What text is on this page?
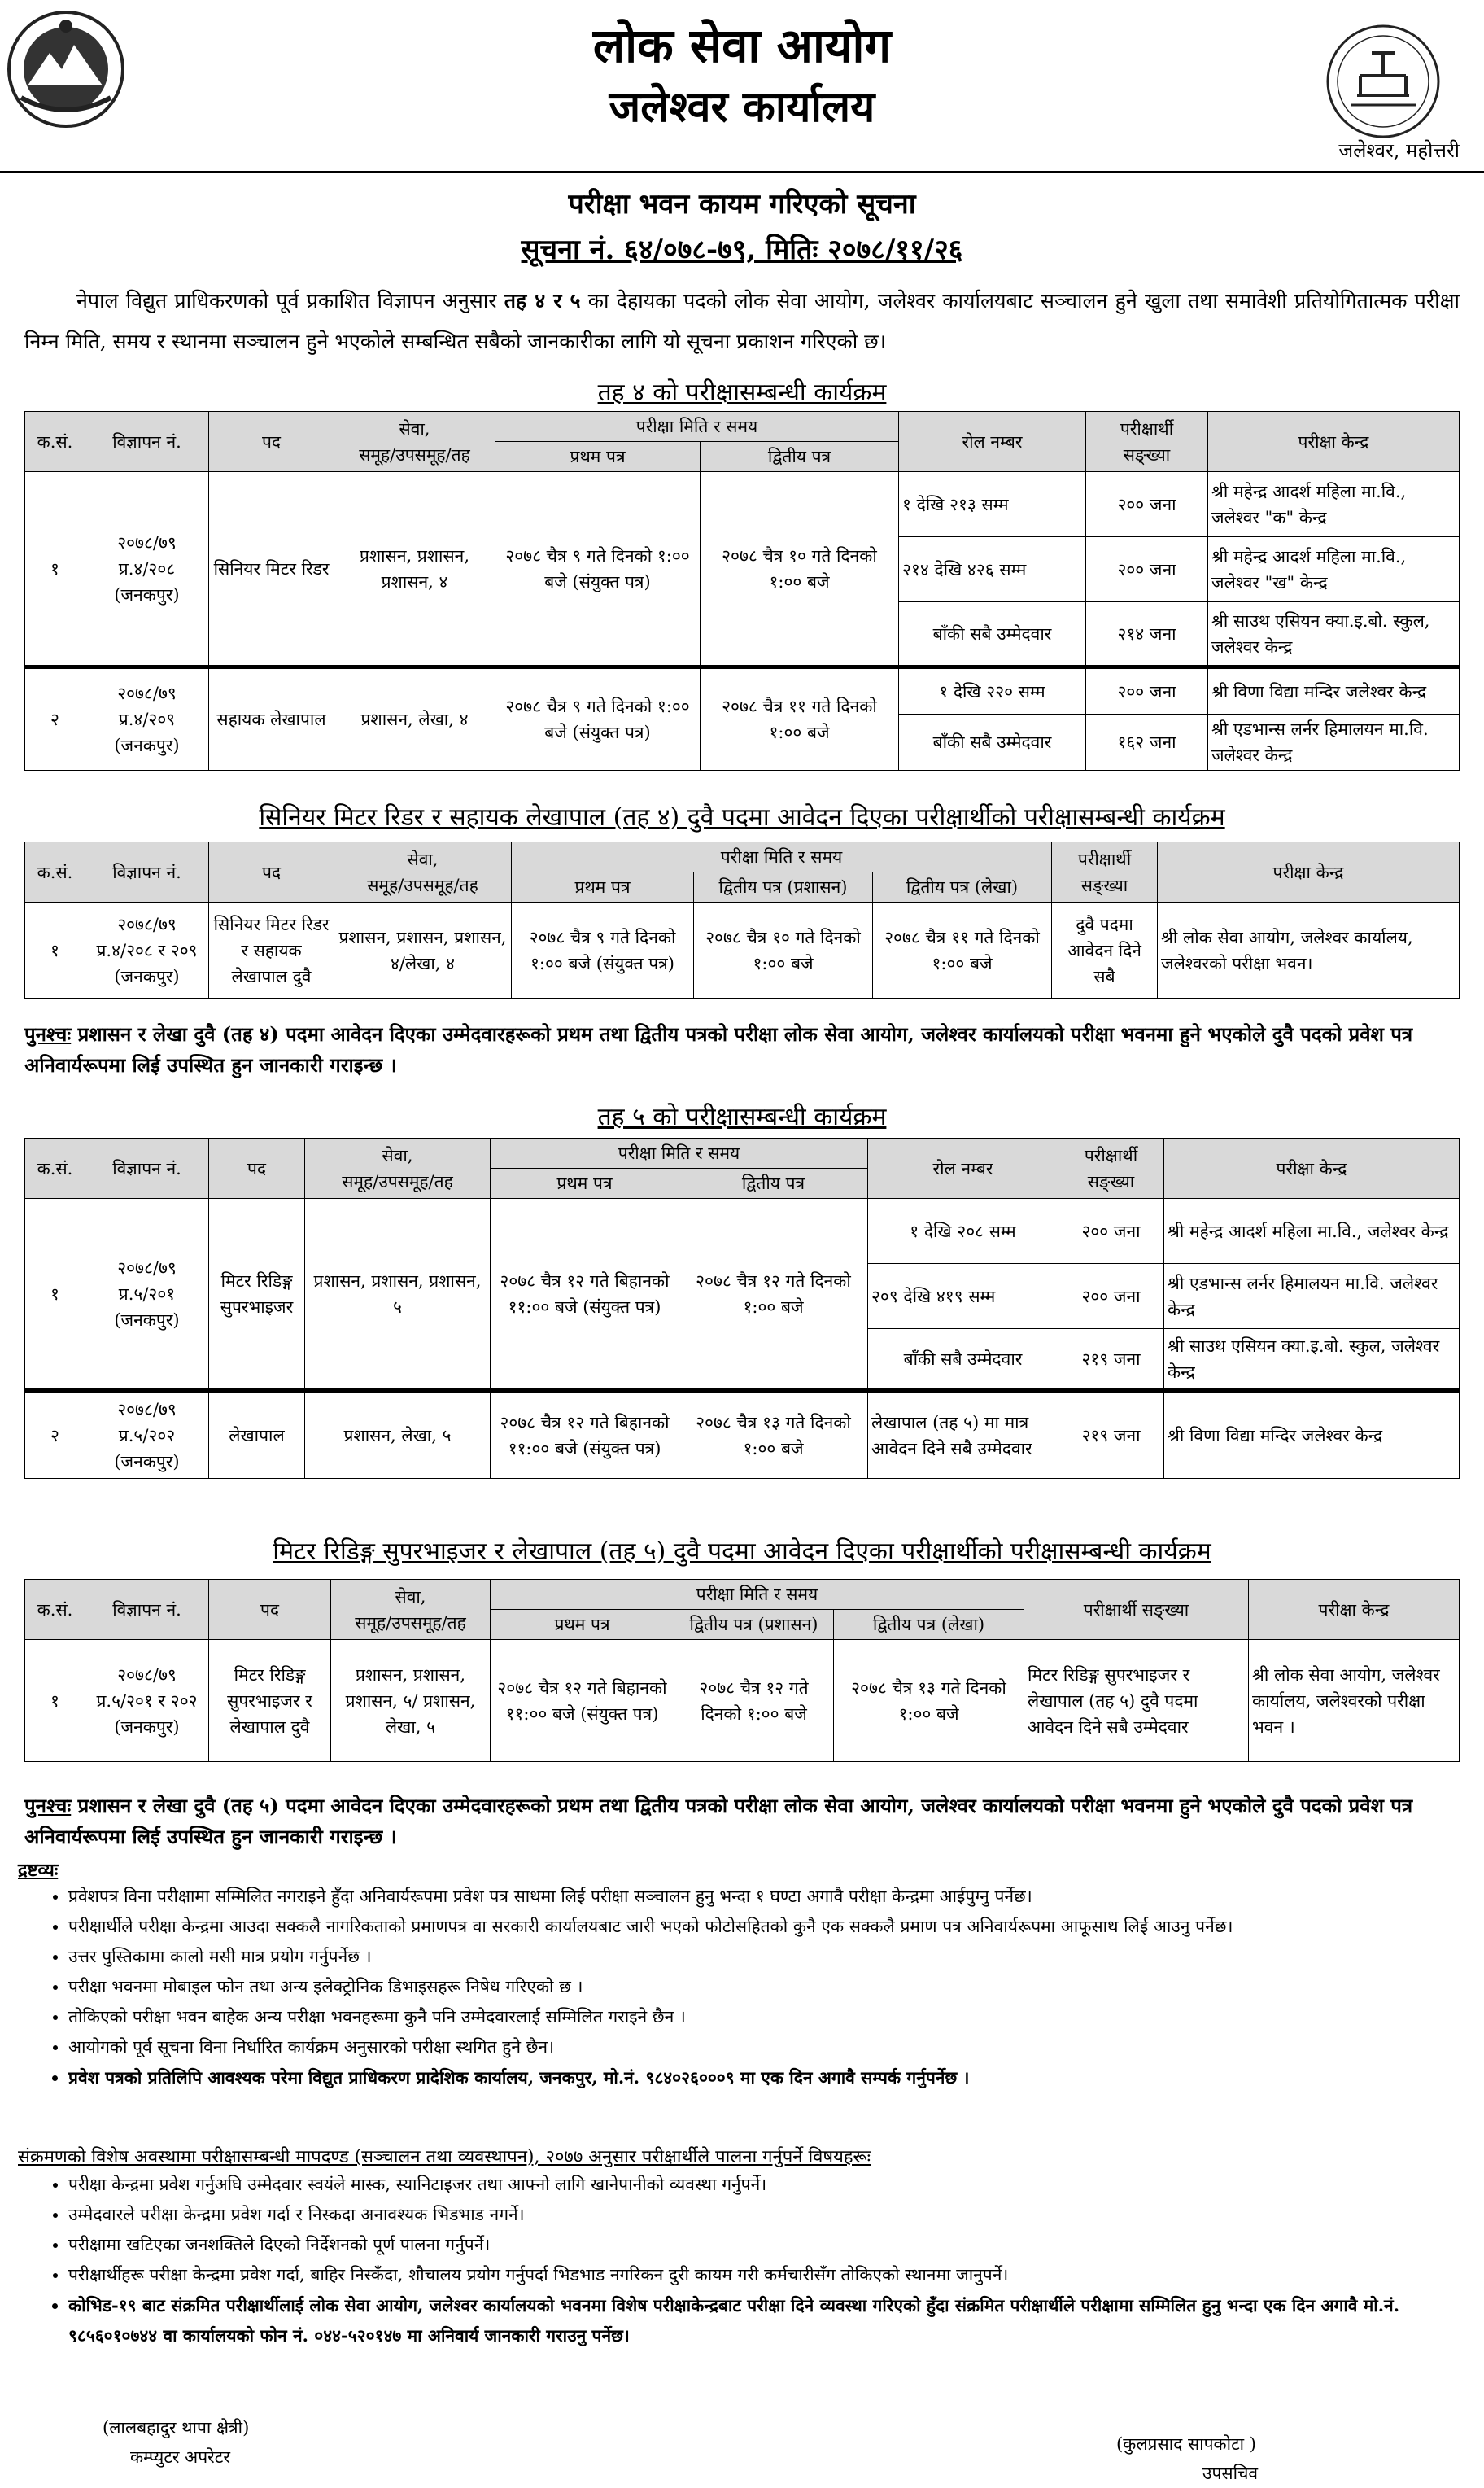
लोक सेवा आयोग
जलेश्वर कार्यालय
जलेश्वर, महोत्तरी
परीक्षा भवन कायम गरिएको सूचना
सूचना नं. ६४/०७८-७९, मितिः २०७८/११/२६
नेपाल विद्युत प्राधिकरणको पूर्व प्रकाशित विज्ञापन अनुसार तह ४ र ५ का देहायका पदको लोक सेवा आयोग, जलेश्वर कार्यालयबाट सञ्चालन हुने खुला तथा समावेशी प्रतियोगितात्मक परीक्षा निम्न मिति, समय र स्थानमा सञ्चालन हुने भएकोले सम्बन्धित सबैको जानकारीका लागि यो सूचना प्रकाशन गरिएको छ।
तह ४ को परीक्षासम्बन्धी कार्यक्रम
क.सं.	विज्ञापन नं.	पद	सेवा,
समूह/उपसमूह/तह	परीक्षा मिति र समय		रोल नम्बर	परीक्षार्थी
सङ्ख्या	परीक्षा केन्द्र
				प्रथम पत्र	द्वितीय पत्र			
१	२०७८/७९ प्र.४/२०८ (जनकपुर)	सिनियर मिटर रिडर	प्रशासन, प्रशासन, प्रशासन, ४	२०७८ चैत्र ९ गते दिनको १:०० बजे (संयुक्त पत्र)	२०७८ चैत्र १० गते दिनको १:०० बजे	१ देखि २१३ सम्म	२०० जना	श्री महेन्द्र आदर्श महिला मा.वि., जलेश्वर "क" केन्द्र
						२१४ देखि ४२६ सम्म	२०० जना	श्री महेन्द्र आदर्श महिला मा.वि., जलेश्वर "ख" केन्द्र
						बाँकी सबै उम्मेदवार	२१४ जना	श्री साउथ एसियन क्या.इ.बो. स्कुल, जलेश्वर केन्द्र
२	२०७८/७९ प्र.४/२०९ (जनकपुर)	सहायक लेखापाल	प्रशासन, लेखा, ४	२०७८ चैत्र ९ गते दिनको १:०० बजे (संयुक्त पत्र)	२०७८ चैत्र ११ गते दिनको १:०० बजे	१ देखि २२० सम्म	२०० जना	श्री विणा विद्या मन्दिर जलेश्वर केन्द्र
						बाँकी सबै उम्मेदवार	१६२ जना	श्री एडभान्स लर्नर हिमालयन मा.वि. जलेश्वर केन्द्र
सिनियर मिटर रिडर र सहायक लेखापाल (तह ४) दुवै पदमा आवेदन दिएका परीक्षार्थीको परीक्षासम्बन्धी कार्यक्रम
क.सं.	विज्ञापन नं.	पद	सेवा,
समूह/उपसमूह/तह	परीक्षा मिति र समय			परीक्षार्थी
सङ्ख्या	परीक्षा केन्द्र
				प्रथम पत्र	द्वितीय पत्र (प्रशासन)	द्वितीय पत्र (लेखा)		
१	२०७८/७९ प्र.४/२०८ र २०९ (जनकपुर)	सिनियर मिटर रिडर र सहायक लेखापाल दुवै	प्रशासन, प्रशासन, प्रशासन, ४/लेखा, ४	२०७८ चैत्र ९ गते दिनको १:०० बजे (संयुक्त पत्र)	२०७८ चैत्र १० गते दिनको १:०० बजे	२०७८ चैत्र ११ गते दिनको १:०० बजे	दुवै पदमा आवेदन दिने सबै	श्री लोक सेवा आयोग, जलेश्वर कार्यालय, जलेश्वरको परीक्षा भवन।
पुनश्चः प्रशासन र लेखा दुवै (तह ४) पदमा आवेदन दिएका उम्मेदवारहरूको प्रथम तथा द्वितीय पत्रको परीक्षा लोक सेवा आयोग, जलेश्वर कार्यालयको परीक्षा भवनमा हुने भएकोले दुवै पदको प्रवेश पत्र अनिवार्यरूपमा लिई उपस्थित हुन जानकारी गराइन्छ ।
तह ५ को परीक्षासम्बन्धी कार्यक्रम
क.सं.	विज्ञापन नं.	पद	सेवा,
समूह/उपसमूह/तह	परीक्षा मिति र समय		रोल नम्बर	परीक्षार्थी
सङ्ख्या	परीक्षा केन्द्र
				प्रथम पत्र	द्वितीय पत्र			
१	२०७८/७९ प्र.५/२०१ (जनकपुर)	मिटर रिडिङ्ग सुपरभाइजर	प्रशासन, प्रशासन, प्रशासन, ५	२०७८ चैत्र १२ गते बिहानको ११:०० बजे (संयुक्त पत्र)	२०७८ चैत्र १२ गते दिनको १:०० बजे	१ देखि २०८ सम्म	२०० जना	श्री महेन्द्र आदर्श महिला मा.वि., जलेश्वर केन्द्र
						२०९ देखि ४१९ सम्म	२०० जना	श्री एडभान्स लर्नर हिमालयन मा.वि. जलेश्वर केन्द्र
						बाँकी सबै उम्मेदवार	२१९ जना	श्री साउथ एसियन क्या.इ.बो. स्कुल, जलेश्वर केन्द्र
२	२०७८/७९ प्र.५/२०२ (जनकपुर)	लेखापाल	प्रशासन, लेखा, ५	२०७८ चैत्र १२ गते बिहानको ११:०० बजे (संयुक्त पत्र)	२०७८ चैत्र १३ गते दिनको १:०० बजे	लेखापाल (तह ५) मा मात्र आवेदन दिने सबै उम्मेदवार	२१९ जना	श्री विणा विद्या मन्दिर जलेश्वर केन्द्र
मिटर रिडिङ्ग सुपरभाइजर र लेखापाल (तह ५) दुवै पदमा आवेदन दिएका परीक्षार्थीको परीक्षासम्बन्धी कार्यक्रम
क.सं.	विज्ञापन नं.	पद	सेवा,
समूह/उपसमूह/तह	परीक्षा मिति र समय			परीक्षार्थी सङ्ख्या	परीक्षा केन्द्र
				प्रथम पत्र	द्वितीय पत्र (प्रशासन)	द्वितीय पत्र (लेखा)		
१	२०७८/७९ प्र.५/२०१ र २०२ (जनकपुर)	मिटर रिडिङ्ग सुपरभाइजर र लेखापाल दुवै	प्रशासन, प्रशासन, प्रशासन, ५/ प्रशासन, लेखा, ५	२०७८ चैत्र १२ गते बिहानको ११:०० बजे (संयुक्त पत्र)	२०७८ चैत्र १२ गते दिनको १:०० बजे	२०७८ चैत्र १३ गते दिनको १:०० बजे	मिटर रिडिङ्ग सुपरभाइजर र लेखापाल (तह ५) दुवै पदमा आवेदन दिने सबै उम्मेदवार	श्री लोक सेवा आयोग, जलेश्वर कार्यालय, जलेश्वरको परीक्षा भवन ।
पुनश्चः प्रशासन र लेखा दुवै (तह ५) पदमा आवेदन दिएका उम्मेदवारहरूको प्रथम तथा द्वितीय पत्रको परीक्षा लोक सेवा आयोग, जलेश्वर कार्यालयको परीक्षा भवनमा हुने भएकोले दुवै पदको प्रवेश पत्र अनिवार्यरूपमा लिई उपस्थित हुन जानकारी गराइन्छ ।
द्रष्टव्यः
• प्रवेशपत्र विना परीक्षामा सम्मिलित नगराइने हुँदा अनिवार्यरूपमा प्रवेश पत्र साथमा लिई परीक्षा सञ्चालन हुनु भन्दा १ घण्टा अगावै परीक्षा केन्द्रमा आईपुग्नु पर्नेछ।
• परीक्षार्थीले परीक्षा केन्द्रमा आउदा सक्कलै नागरिकताको प्रमाणपत्र वा सरकारी कार्यालयबाट जारी भएको फोटोसहितको कुनै एक सक्कलै प्रमाण पत्र अनिवार्यरूपमा आफूसाथ लिई आउनु पर्नेछ।
• उत्तर पुस्तिकामा कालो मसी मात्र प्रयोग गर्नुपर्नेछ ।
• परीक्षा भवनमा मोबाइल फोन तथा अन्य इलेक्ट्रोनिक डिभाइसहरू निषेध गरिएको छ ।
• तोकिएको परीक्षा भवन बाहेक अन्य परीक्षा भवनहरूमा कुनै पनि उम्मेदवारलाई सम्मिलित गराइने छैन ।
• आयोगको पूर्व सूचना विना निर्धारित कार्यक्रम अनुसारको परीक्षा स्थगित हुने छैन।
• प्रवेश पत्रको प्रतिलिपि आवश्यक परेमा विद्युत प्राधिकरण प्रादेशिक कार्यालय, जनकपुर, मो.नं. ९८४०२६०००९ मा एक दिन अगावै सम्पर्क गर्नुपर्नेछ ।
संक्रमणको विशेष अवस्थामा परीक्षासम्बन्धी मापदण्ड (सञ्चालन तथा व्यवस्थापन), २०७७ अनुसार परीक्षार्थीले पालना गर्नुपर्ने विषयहरूः
• परीक्षा केन्द्रमा प्रवेश गर्नुअघि उम्मेदवार स्वयंले मास्क, स्यानिटाइजर तथा आफ्नो लागि खानेपानीको व्यवस्था गर्नुपर्ने।
• उम्मेदवारले परीक्षा केन्द्रमा प्रवेश गर्दा र निस्कदा अनावश्यक भिडभाड नगर्ने।
• परीक्षामा खटिएका जनशक्तिले दिएको निर्देशनको पूर्ण पालना गर्नुपर्ने।
• परीक्षार्थीहरू परीक्षा केन्द्रमा प्रवेश गर्दा, बाहिर निस्कँदा, शौचालय प्रयोग गर्नुपर्दा भिडभाड नगरिकन दुरी कायम गरी कर्मचारीसँग तोकिएको स्थानमा जानुपर्ने।
• कोभिड-१९ बाट संक्रमित परीक्षार्थीलाई लोक सेवा आयोग, जलेश्वर कार्यालयको भवनमा विशेष परीक्षाकेन्द्रबाट परीक्षा दिने व्यवस्था गरिएको हुँदा संक्रमित परीक्षार्थीले परीक्षामा सम्मिलित हुनु भन्दा एक दिन अगावै मो.नं. ९८५६०१०७४४ वा कार्यालयको फोन नं. ०४४-५२०१४७ मा अनिवार्य जानकारी गराउनु पर्नेछ।
(लालबहादुर थापा क्षेत्री)
कम्प्युटर अपरेटर
(कुलप्रसाद सापकोटा )
उपसचिव
